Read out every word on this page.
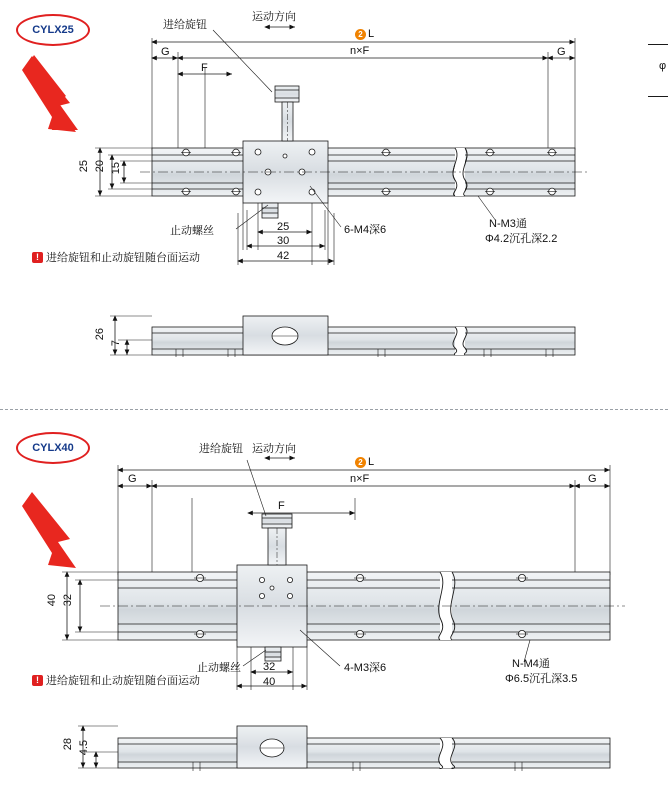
CYLX25
CYLX40
进给旋钮
运动方向
2 L
n×F
G	G
F
25 20 15
止动螺丝	6-M4深6	N-M3通
Φ4.2沉孔深2.2
25
30
42
! 进给旋钮和止动旋钮随台面运动
26
7
进给旋钮 运动方向
2 L
n×F
G	G
F
40 32
止动螺丝	4-M3深6	N-M4通
Φ6.5沉孔深3.5
32
40
! 进给旋钮和止动旋钮随台面运动
28 4.5
φ
